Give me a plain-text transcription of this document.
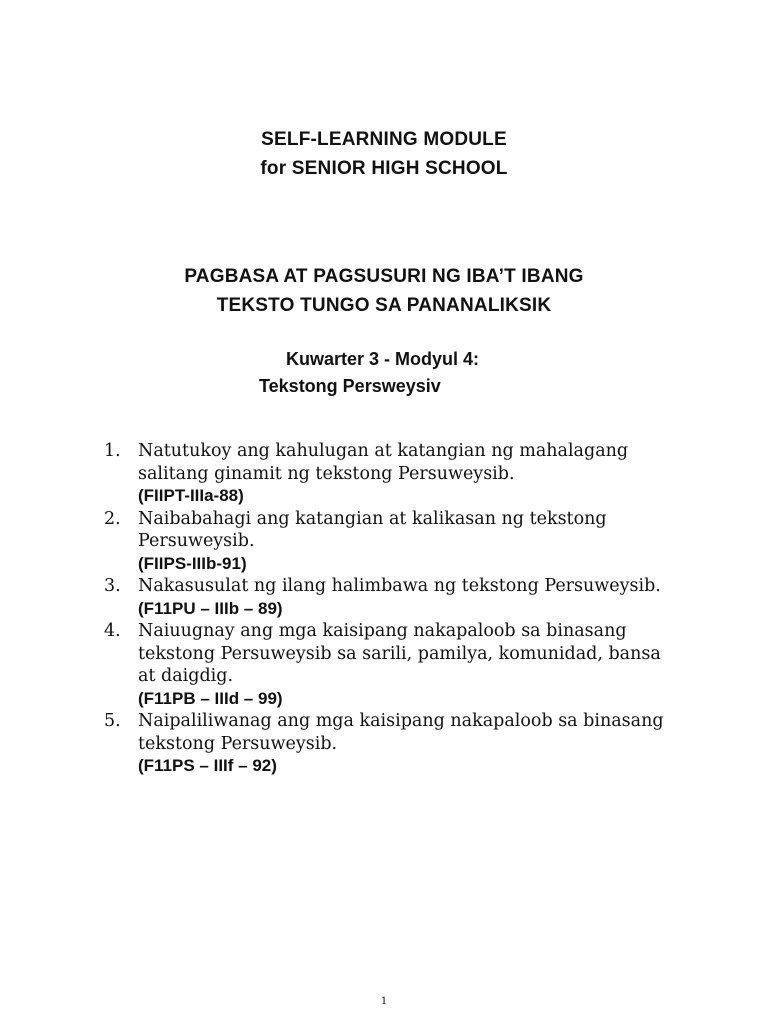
SELF-LEARNING MODULE
for SENIOR HIGH SCHOOL
PAGBASA AT PAGSUSURI NG IBA’T IBANG
TEKSTO TUNGO SA PANANALIKSIK
Kuwarter 3 - Modyul 4:
Tekstong Persweysiv
1. Natutukoy ang kahulugan at katangian ng mahalagang salitang ginamit ng tekstong Persuweysib.
(FIIPT-IIIa-88)
2. Naibabahagi ang katangian at kalikasan ng tekstong Persuweysib.
(FIIPS-IIIb-91)
3. Nakasusulat ng ilang halimbawa ng tekstong Persuweysib.
(F11PU – IIIb – 89)
4. Naiuugnay ang mga kaisipang nakapaloob sa binasang tekstong Persuweysib sa sarili, pamilya, komunidad, bansa at daigdig.
(F11PB – IIId – 99)
5. Naipaliliwanag ang mga kaisipang nakapaloob sa binasang tekstong Persuweysib.
(F11PS – IIIf – 92)
1
